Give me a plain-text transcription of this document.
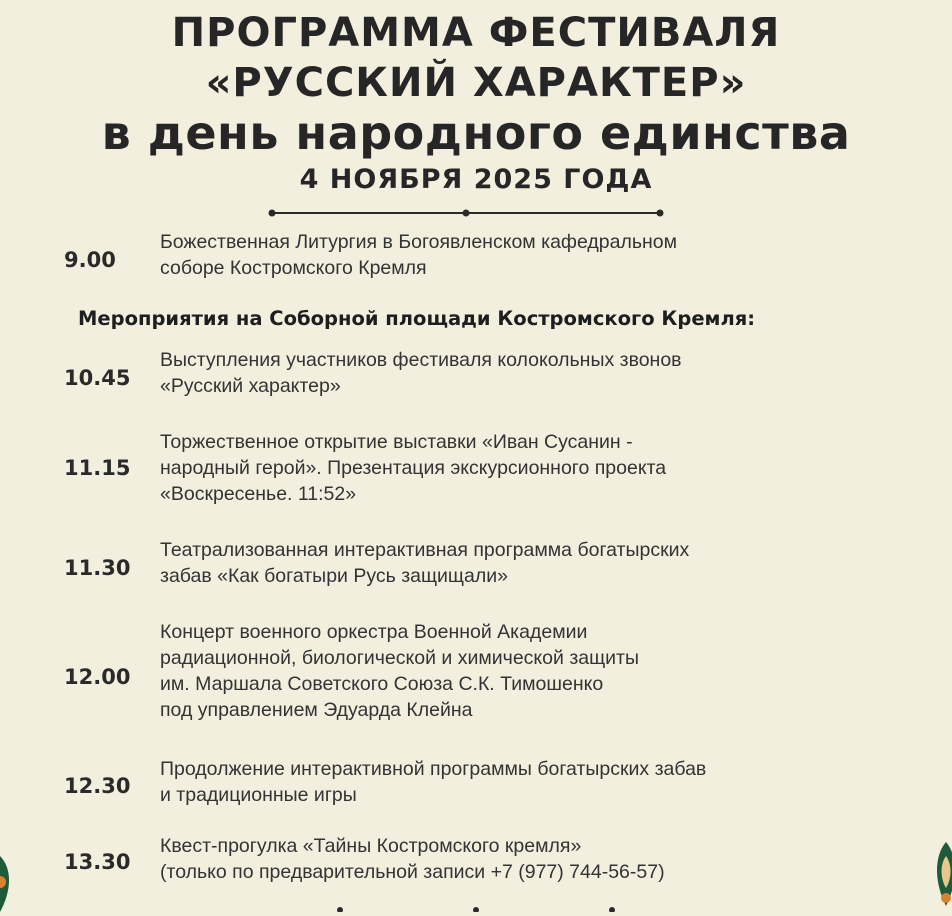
ПРОГРАММА ФЕСТИВАЛЯ
«РУССКИЙ ХАРАКТЕР»
в день народного единства
4 НОЯБРЯ 2025 ГОДА
9.00
Божественная Литургия в Богоявленском кафедральном
соборе Костромского Кремля
Мероприятия на Соборной площади Костромского Кремля:
10.45
Выступления участников фестиваля колокольных звонов
«Русский характер»
11.15
Торжественное открытие выставки «Иван Сусанин -
народный герой». Презентация экскурсионного проекта
«Воскресенье. 11:52»
11.30
Театрализованная интерактивная программа богатырских
забав «Как богатыри Русь защищали»
12.00
Концерт военного оркестра Военной Академии
радиационной, биологической и химической защиты
им. Маршала Советского Союза С.К. Тимошенко
под управлением Эдуарда Клейна
12.30
Продолжение интерактивной программы богатырских забав
и традиционные игры
13.30
Квест-прогулка «Тайны Костромского кремля»
(только по предварительной записи +7 (977) 744-56-57)
